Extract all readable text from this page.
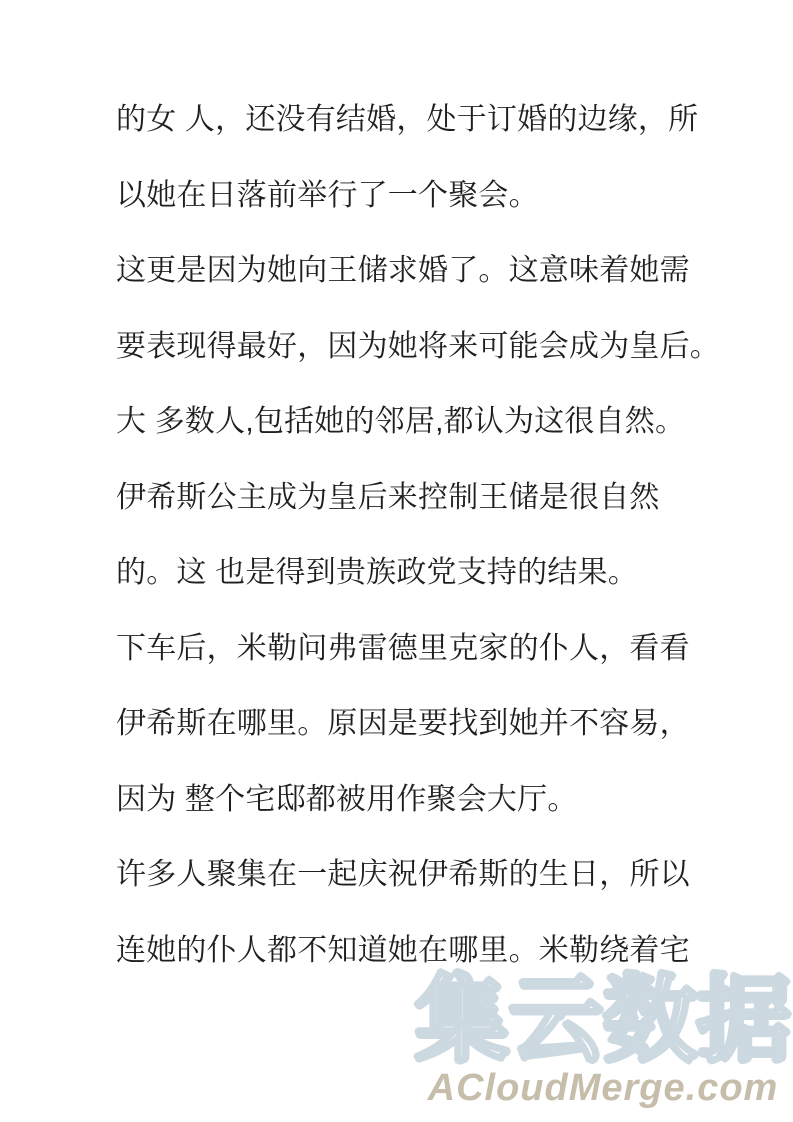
的女 人，还没有结婚，处于订婚的边缘，所
以她在日落前举行了一个聚会。
这更是因为她向王储求婚了。这意味着她需
要表现得最好，因为她将来可能会成为皇后。
大 多数人,包括她的邻居,都认为这很自然。
伊希斯公主成为皇后来控制王储是很自然
的。这 也是得到贵族政党支持的结果。
下车后，米勒问弗雷德里克家的仆人，看看
伊希斯在哪里。原因是要找到她并不容易，
因为 整个宅邸都被用作聚会大厅。
许多人聚集在一起庆祝伊希斯的生日，所以
连她的仆人都不知道她在哪里。米勒绕着宅
集云数据
ACloudMerge.com
